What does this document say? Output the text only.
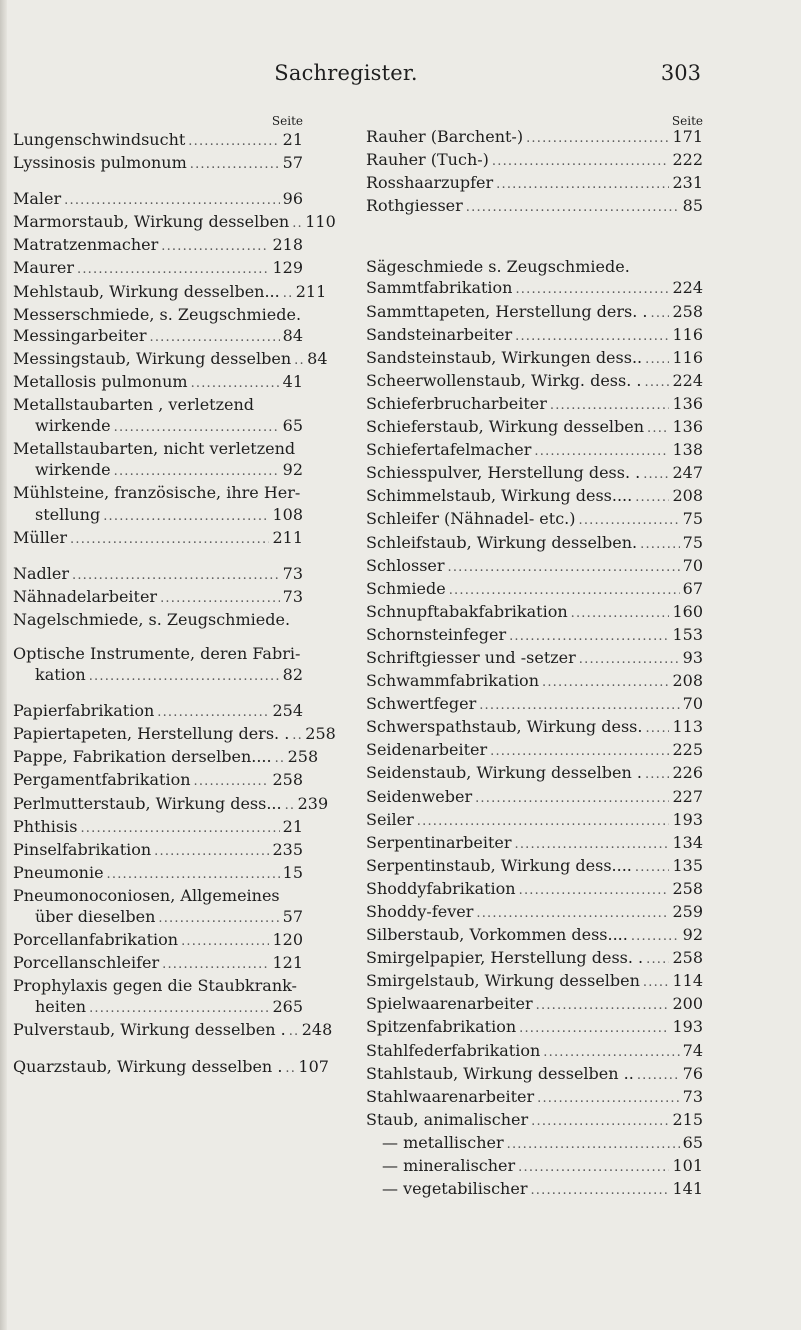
Sachregister.	303
Seite
Lungenschwindsucht .....	21
Lyssinosis pulmonum .....	57
Maler .....	96
Marmorstaub, Wirkung desselben ..... 110
Matratzenmacher .....	218
Maurer .....	129
Mehlstaub, Wirkung desselben... ..... 211
Messerschmiede, s. Zeugschmiede.
Messingarbeiter .....	84
Messingstaub, Wirkung desselben ..... 84
Metallosis pulmonum .....	41
Metallstaubarten , verletzend
wirkende .....	65
Metallstaubarten, nicht verletzend
wirkende .....	92
Mühlsteine, französische, ihre Her-
stellung .....	108
Müller .....	211
Nadler .....	73
Nähnadelarbeiter .....	73
Nagelschmiede, s. Zeugschmiede.
Optische Instrumente, deren Fabri-
kation .....	82
Papierfabrikation .....	254
Papiertapeten, Herstellung ders. . ..... 258
Pappe, Fabrikation derselben.... ..... 258
Pergamentfabrikation .....	258
Perlmutterstaub, Wirkung dess... ..... 239
Phthisis .....	21
Pinselfabrikation .....	235
Pneumonie .....	15
Pneumonoconiosen, Allgemeines
über dieselben .....	57
Porcellanfabrikation .....	120
Porcellanschleifer .....	121
Prophylaxis gegen die Staubkrank-
heiten .....	265
Pulverstaub, Wirkung desselben . ..... 248
Quarzstaub, Wirkung desselben . ..... 107
Seite
Rauher (Barchent-) .....	171
Rauher (Tuch-) .....	222
Rosshaarzupfer .....	231
Rothgiesser .....	85
Sägeschmiede s. Zeugschmiede.
Sammtfabrikation .....	224
Sammttapeten, Herstellung ders. . ..... 258
Sandsteinarbeiter .....	116
Sandsteinstaub, Wirkungen dess.. ..... 116
Scheerwollenstaub, Wirkg. dess. . ..... 224
Schieferbrucharbeiter .....	136
Schieferstaub, Wirkung desselben ..... 136
Schiefertafelmacher .....	138
Schiesspulver, Herstellung dess. . ..... 247
Schimmelstaub, Wirkung dess.... .....	208
Schleifer (Nähnadel- etc.) .....	75
Schleifstaub, Wirkung desselben. .....	75
Schlosser .....	70
Schmiede .....	67
Schnupftabakfabrikation .....	160
Schornsteinfeger .....	153
Schriftgiesser und -setzer .....	93
Schwammfabrikation .....	208
Schwertfeger .....	70
Schwerspathstaub, Wirkung dess. ..... 113
Seidenarbeiter .....	225
Seidenstaub, Wirkung desselben . ..... 226
Seidenweber .....	227
Seiler .....	193
Serpentinarbeiter .....	134
Serpentinstaub, Wirkung dess.... .....	135
Shoddyfabrikation .....	258
Shoddy-fever .....	259
Silberstaub, Vorkommen dess.... .....	92
Smirgelpapier, Herstellung dess. . ..... 258
Smirgelstaub, Wirkung desselben ..... 114
Spielwaarenarbeiter .....	200
Spitzenfabrikation .....	193
Stahlfederfabrikation .....	74
Stahlstaub, Wirkung desselben .. .....	76
Stahlwaarenarbeiter .....	73
Staub, animalischer .....	215
— metallischer .....	65
— mineralischer .....	101
— vegetabilischer .....	141
